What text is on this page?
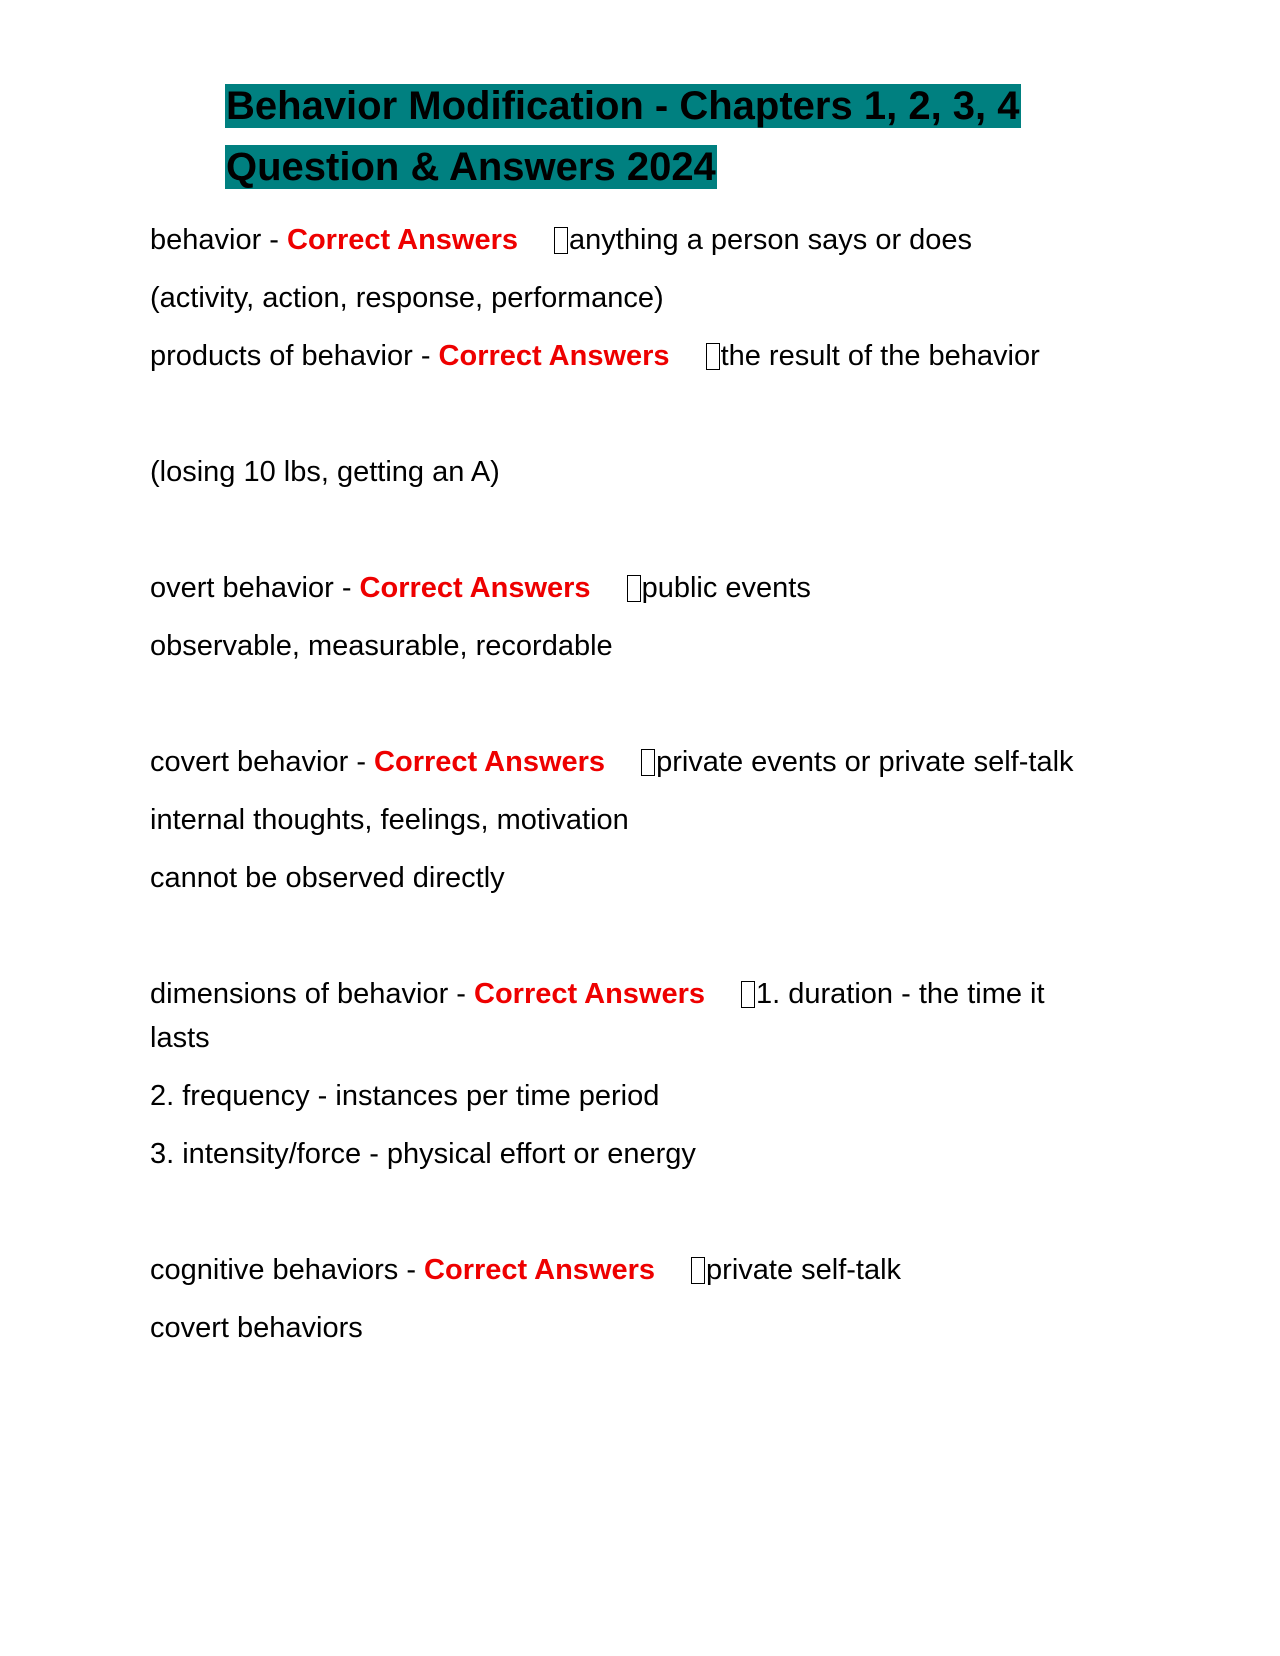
Behavior Modification - Chapters 1, 2, 3, 4
Question & Answers 2024

behavior - Correct Answers anything a person says or does

(activity, action, response, performance)

products of behavior - Correct Answers the result of the behavior

(losing 10 lbs, getting an A)

overt behavior - Correct Answers public events

observable, measurable, recordable

covert behavior - Correct Answers private events or private self-talk

internal thoughts, feelings, motivation

cannot be observed directly

dimensions of behavior - Correct Answers 1. duration - the time it lasts

2. frequency - instances per time period

3. intensity/force - physical effort or energy

cognitive behaviors - Correct Answers private self-talk

covert behaviors
